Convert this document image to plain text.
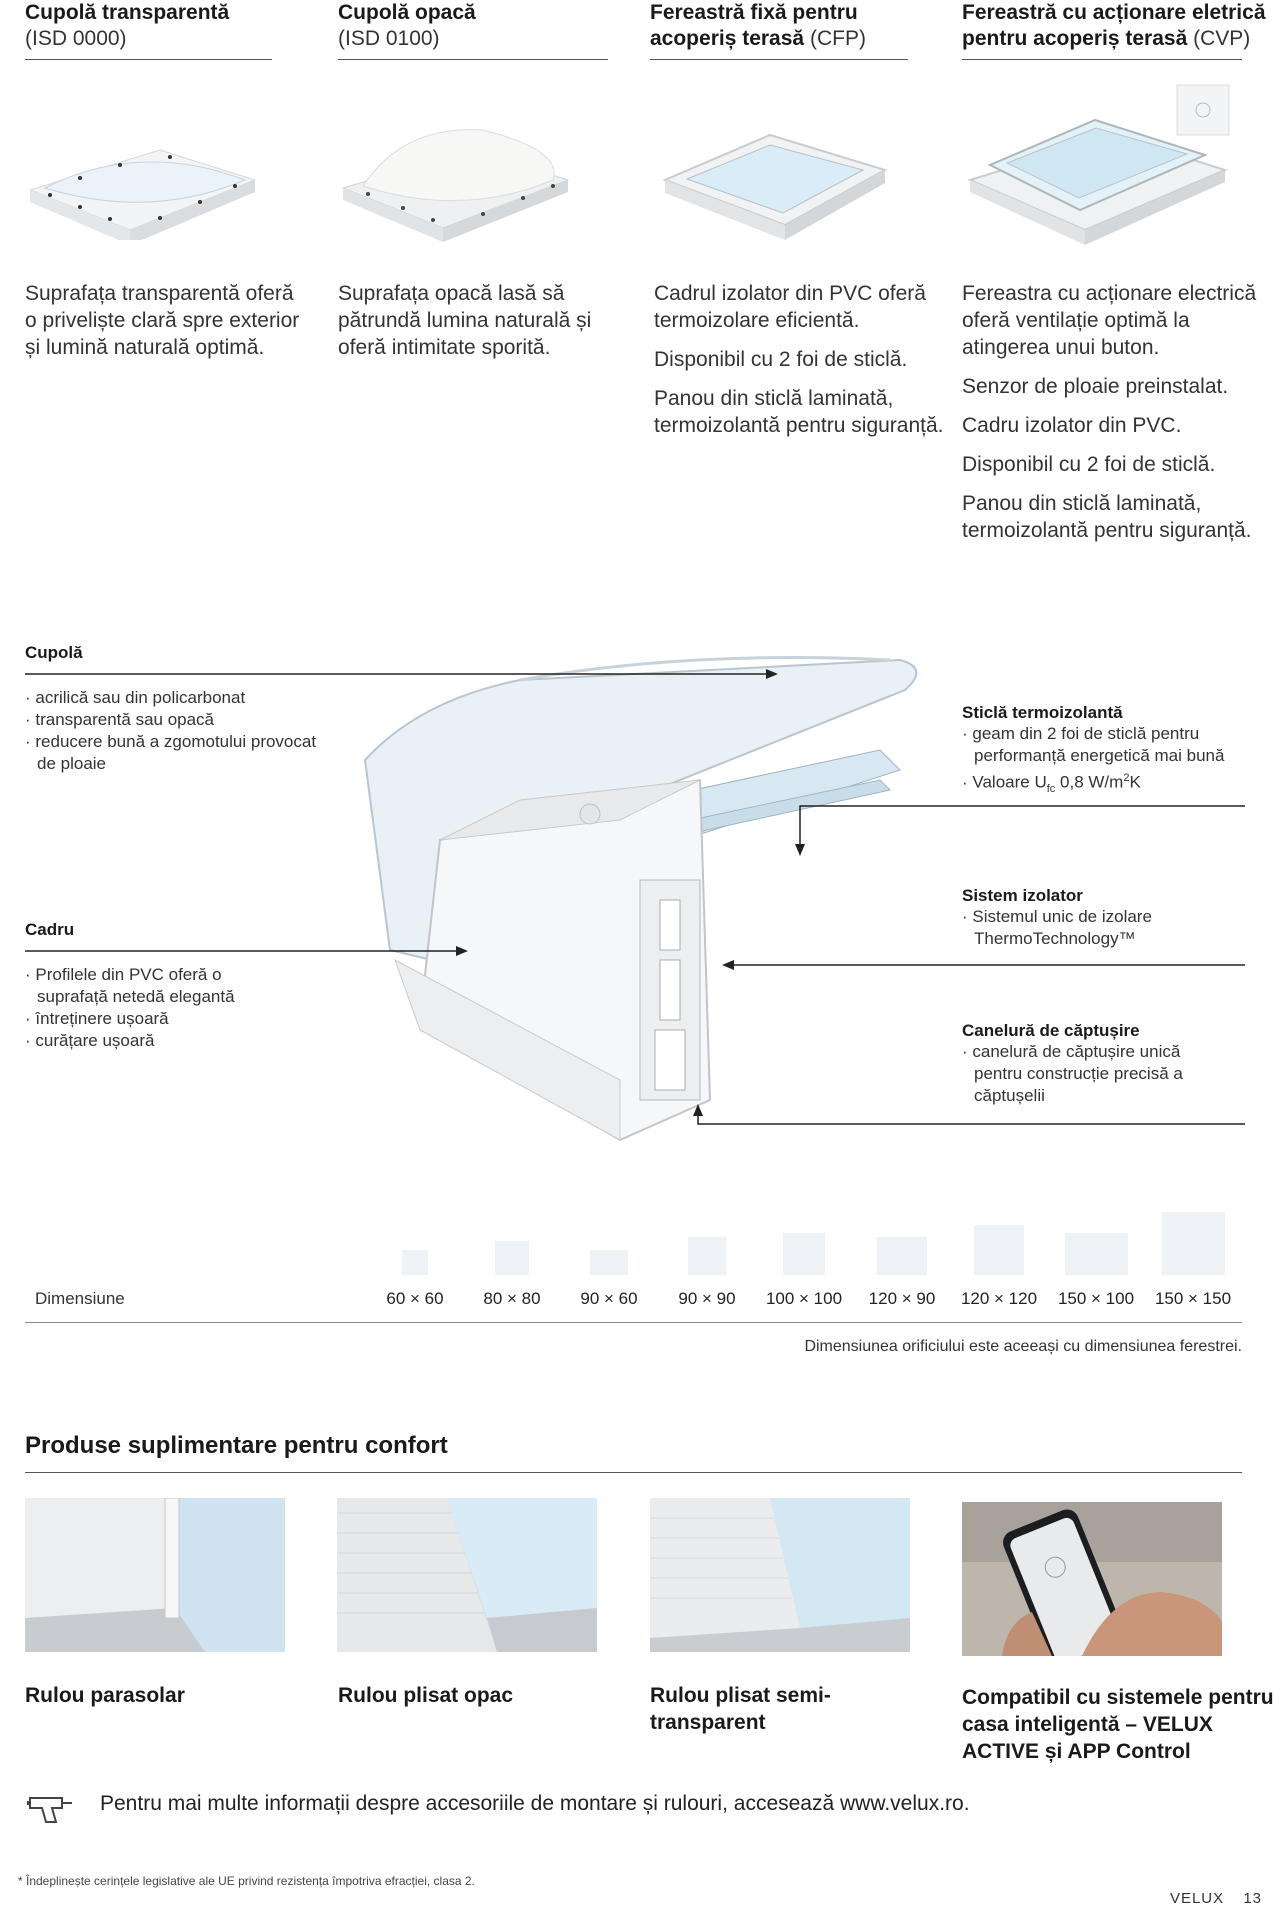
Cupolă transparentă
(ISD 0000)
Cupolă opacă
(ISD 0100)
Fereastră fixă pentru acoperiș terasă (CFP)
Fereastră cu acționare eletrică pentru acoperiș terasă (CVP)

Suprafața transparentă oferă o priveliște clară spre exterior și lumină naturală optimă.

Suprafața opacă lasă să pătrundă lumina naturală și oferă intimitate sporită.

Cadrul izolator din PVC oferă termoizolare eficientă.

Disponibil cu 2 foi de sticlă.

Panou din sticlă laminată, termoizolantă pentru siguranță.

Fereastra cu acționare electrică oferă ventilație optimă la atingerea unui buton.

Senzor de ploaie preinstalat.

Cadru izolator din PVC.

Disponibil cu 2 foi de sticlă.

Panou din sticlă laminată, termoizolantă pentru siguranță.

Cupolă
· acrilică sau din policarbonat
· transparentă sau opacă
· reducere bună a zgomotului provocat de ploaie
Cadru
· Profilele din PVC oferă o suprafață netedă elegantă
· întreținere ușoară
· curățare ușoară
Sticlă termoizolantă
· geam din 2 foi de sticlă pentru performanță energetică mai bună
· Valoare $U_{fc}$ 0,8 $W/m^2K$
Sistem izolator
· Sistemul unic de izolare ThermoTechnology™
Canelură de căptușire
· canelură de căptușire unică pentru construcție precisă a căptușelii
Dimensiune	60 × 60	80 × 80	90 × 60	90 × 90	100 × 100	120 × 90	120 × 120	150 × 100	150 × 150
Dimensiunea orificiului este aceeași cu dimensiunea ferestrei.
Produse suplimentare pentru confort
Rulou parasolar	Rulou plisat opac	Rulou plisat semi-transparent
Compatibil cu sistemele pentru casa inteligentă – VELUX ACTIVE și APP Control
Pentru mai multe informații despre accesoriile de montare și rulouri, accesează www.velux.ro.
* Îndeplinește cerințele legislative ale UE privind rezistența împotriva efracției, clasa 2.
VELUX 13
